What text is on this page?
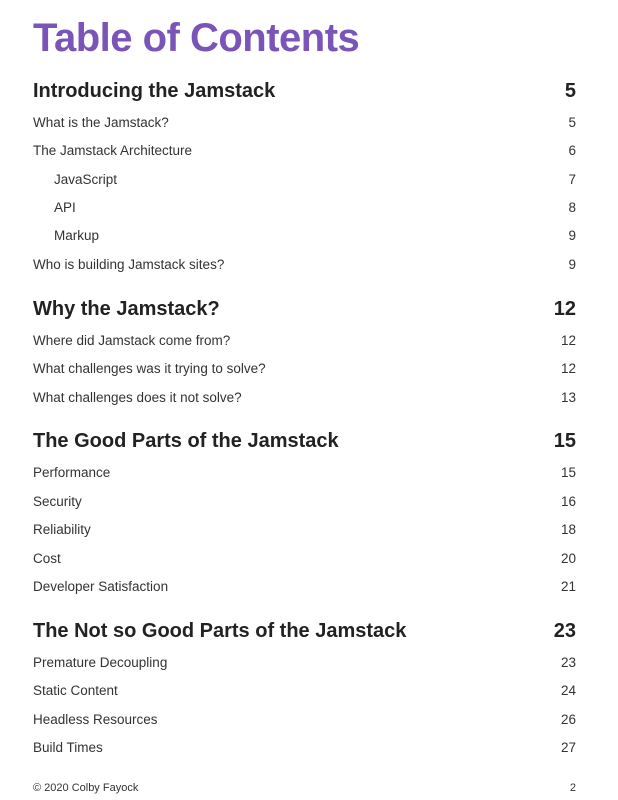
Table of Contents
Introducing the Jamstack	5
What is the Jamstack?	5
The Jamstack Architecture	6
JavaScript	7
API	8
Markup	9
Who is building Jamstack sites?	9
Why the Jamstack?	12
Where did Jamstack come from?	12
What challenges was it trying to solve?	12
What challenges does it not solve?	13
The Good Parts of the Jamstack	15
Performance	15
Security	16
Reliability	18
Cost	20
Developer Satisfaction	21
The Not so Good Parts of the Jamstack	23
Premature Decoupling	23
Static Content	24
Headless Resources	26
Build Times	27
© 2020 Colby Fayock	2
